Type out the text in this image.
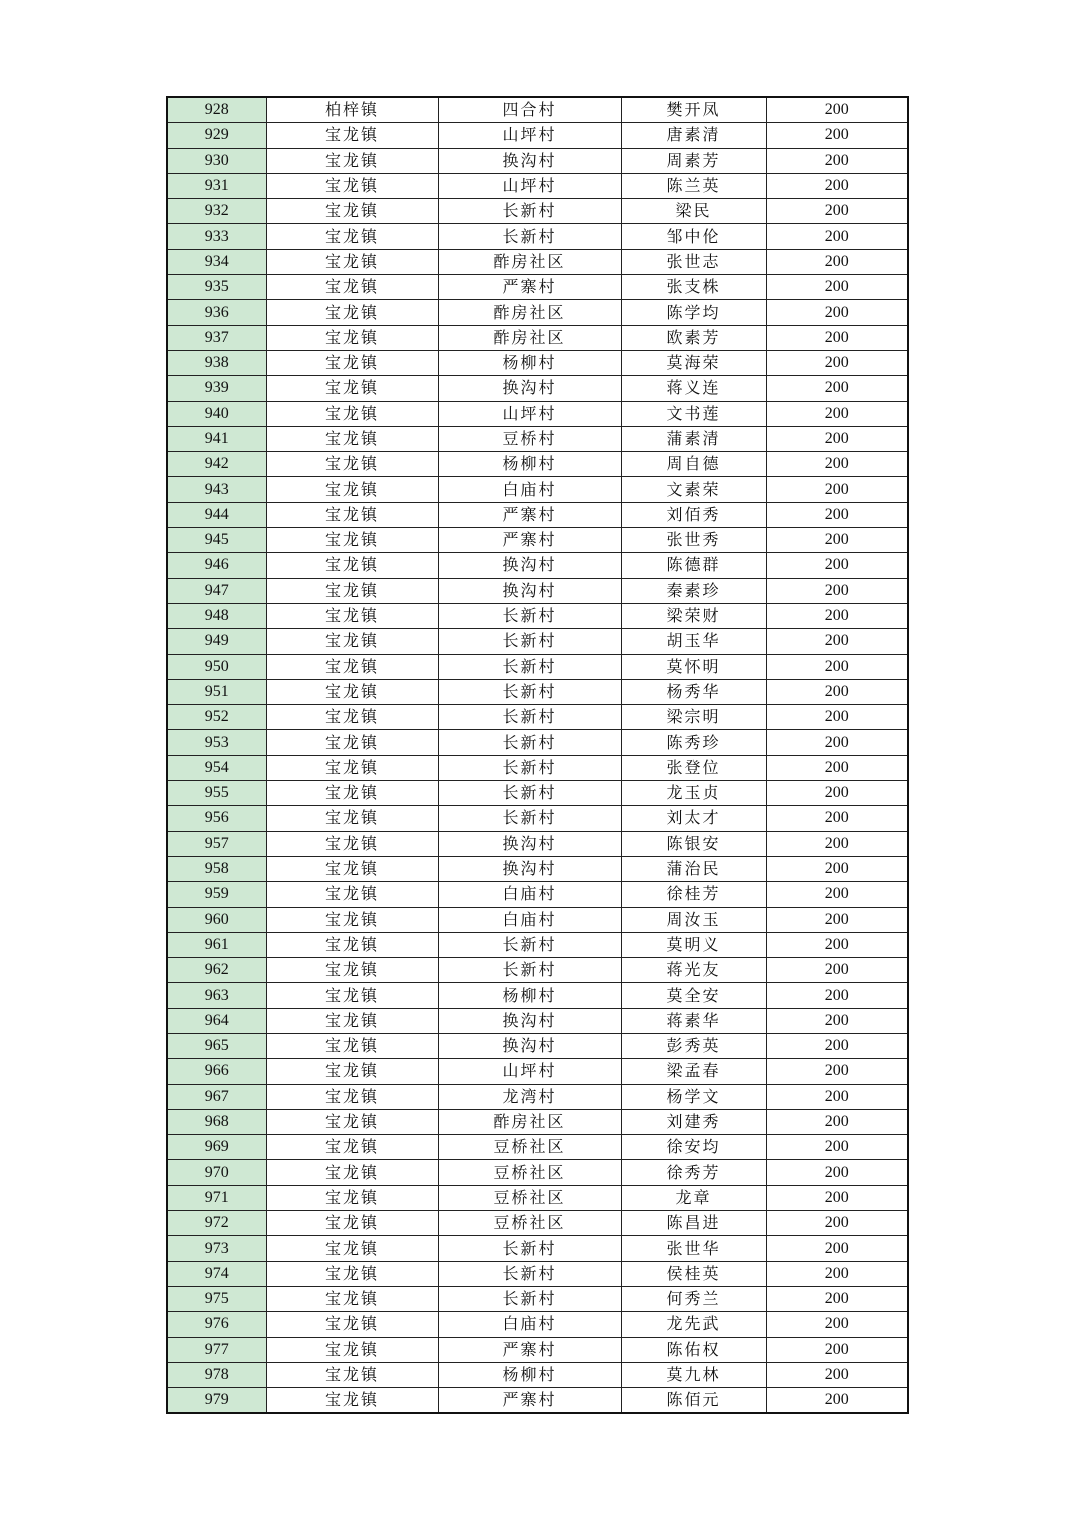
928	柏梓镇	四合村	樊开凤	200
929	宝龙镇	山坪村	唐素清	200
930	宝龙镇	换沟村	周素芳	200
931	宝龙镇	山坪村	陈兰英	200
932	宝龙镇	长新村	梁民	200
933	宝龙镇	长新村	邹中伦	200
934	宝龙镇	酢房社区	张世志	200
935	宝龙镇	严寨村	张支株	200
936	宝龙镇	酢房社区	陈学均	200
937	宝龙镇	酢房社区	欧素芳	200
938	宝龙镇	杨柳村	莫海荣	200
939	宝龙镇	换沟村	蒋义连	200
940	宝龙镇	山坪村	文书莲	200
941	宝龙镇	豆桥村	蒲素清	200
942	宝龙镇	杨柳村	周自德	200
943	宝龙镇	白庙村	文素荣	200
944	宝龙镇	严寨村	刘佰秀	200
945	宝龙镇	严寨村	张世秀	200
946	宝龙镇	换沟村	陈德群	200
947	宝龙镇	换沟村	秦素珍	200
948	宝龙镇	长新村	梁荣财	200
949	宝龙镇	长新村	胡玉华	200
950	宝龙镇	长新村	莫怀明	200
951	宝龙镇	长新村	杨秀华	200
952	宝龙镇	长新村	梁宗明	200
953	宝龙镇	长新村	陈秀珍	200
954	宝龙镇	长新村	张登位	200
955	宝龙镇	长新村	龙玉贞	200
956	宝龙镇	长新村	刘太才	200
957	宝龙镇	换沟村	陈银安	200
958	宝龙镇	换沟村	蒲治民	200
959	宝龙镇	白庙村	徐桂芳	200
960	宝龙镇	白庙村	周汝玉	200
961	宝龙镇	长新村	莫明义	200
962	宝龙镇	长新村	蒋光友	200
963	宝龙镇	杨柳村	莫全安	200
964	宝龙镇	换沟村	蒋素华	200
965	宝龙镇	换沟村	彭秀英	200
966	宝龙镇	山坪村	梁孟春	200
967	宝龙镇	龙湾村	杨学文	200
968	宝龙镇	酢房社区	刘建秀	200
969	宝龙镇	豆桥社区	徐安均	200
970	宝龙镇	豆桥社区	徐秀芳	200
971	宝龙镇	豆桥社区	龙章	200
972	宝龙镇	豆桥社区	陈昌进	200
973	宝龙镇	长新村	张世华	200
974	宝龙镇	长新村	侯桂英	200
975	宝龙镇	长新村	何秀兰	200
976	宝龙镇	白庙村	龙先武	200
977	宝龙镇	严寨村	陈佑权	200
978	宝龙镇	杨柳村	莫九林	200
979	宝龙镇	严寨村	陈佰元	200
